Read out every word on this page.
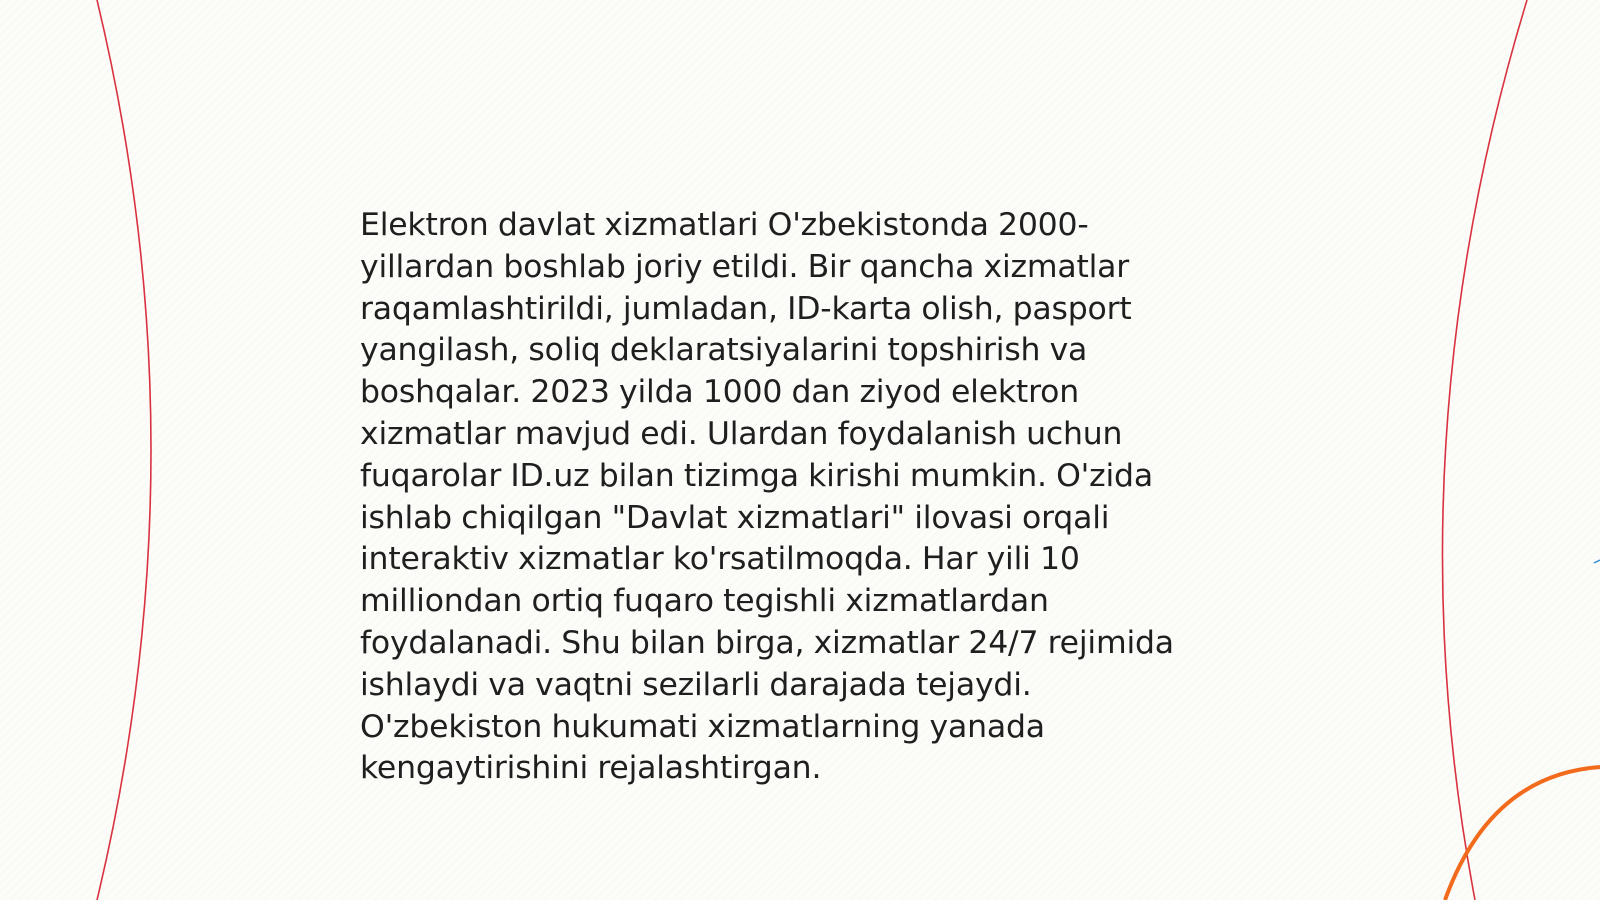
Elektron davlat xizmatlari O'zbekistonda 2000-yillardan boshlab joriy etildi. Bir qancha xizmatlar raqamlashtirildi, jumladan, ID-karta olish, pasport yangilash, soliq deklaratsiyalarini topshirish va boshqalar. 2023 yilda 1000 dan ziyod elektron xizmatlar mavjud edi. Ulardan foydalanish uchun fuqarolar ID.uz bilan tizimga kirishi mumkin. O'zida ishlab chiqilgan "Davlat xizmatlari" ilovasi orqali interaktiv xizmatlar ko'rsatilmoqda. Har yili 10 milliondan ortiq fuqaro tegishli xizmatlardan foydalanadi. Shu bilan birga, xizmatlar 24/7 rejimida ishlaydi va vaqtni sezilarli darajada tejaydi. O'zbekiston hukumati xizmatlarning yanada kengaytirishini rejalashtirgan.
